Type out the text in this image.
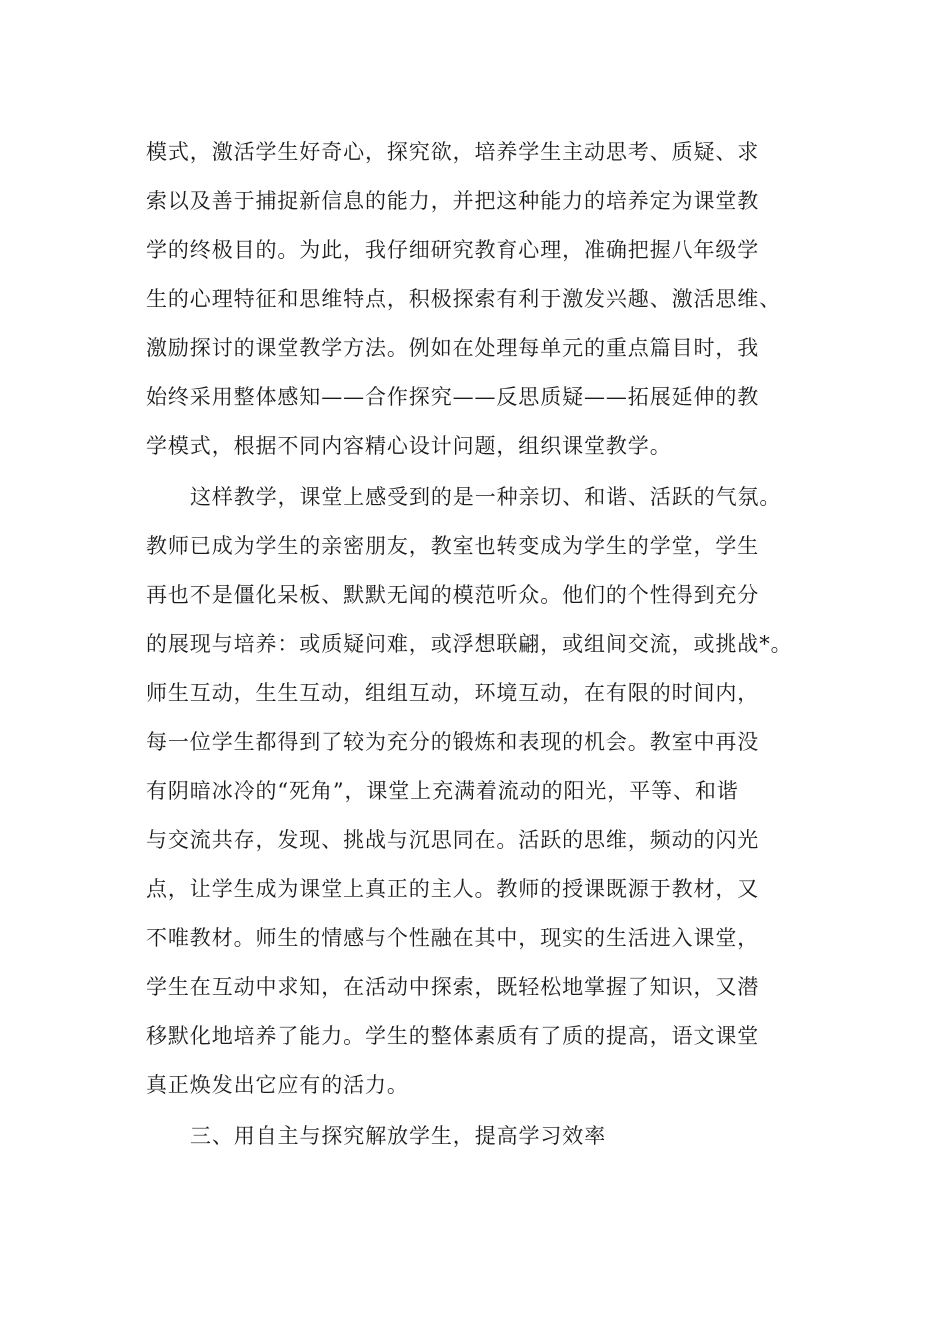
模式，激活学生好奇心，探究欲，培养学生主动思考、质疑、求
索以及善于捕捉新信息的能力，并把这种能力的培养定为课堂教
学的终极目的。为此，我仔细研究教育心理，准确把握八年级学
生的心理特征和思维特点，积极探索有利于激发兴趣、激活思维、
激励探讨的课堂教学方法。例如在处理每单元的重点篇目时，我
始终采用整体感知——合作探究——反思质疑——拓展延伸的教
学模式，根据不同内容精心设计问题，组织课堂教学。
这样教学，课堂上感受到的是一种亲切、和谐、活跃的气氛。
教师已成为学生的亲密朋友，教室也转变成为学生的学堂，学生
再也不是僵化呆板、默默无闻的模范听众。他们的个性得到充分
的展现与培养：或质疑问难，或浮想联翩，或组间交流，或挑战*。
师生互动，生生互动，组组互动，环境互动，在有限的时间内，
每一位学生都得到了较为充分的锻炼和表现的机会。教室中再没
有阴暗冰冷的“死角”，课堂上充满着流动的阳光，平等、和谐
与交流共存，发现、挑战与沉思同在。活跃的思维，频动的闪光
点，让学生成为课堂上真正的主人。教师的授课既源于教材，又
不唯教材。师生的情感与个性融在其中，现实的生活进入课堂，
学生在互动中求知，在活动中探索，既轻松地掌握了知识，又潜
移默化地培养了能力。学生的整体素质有了质的提高，语文课堂
真正焕发出它应有的活力。
三、用自主与探究解放学生，提高学习效率
